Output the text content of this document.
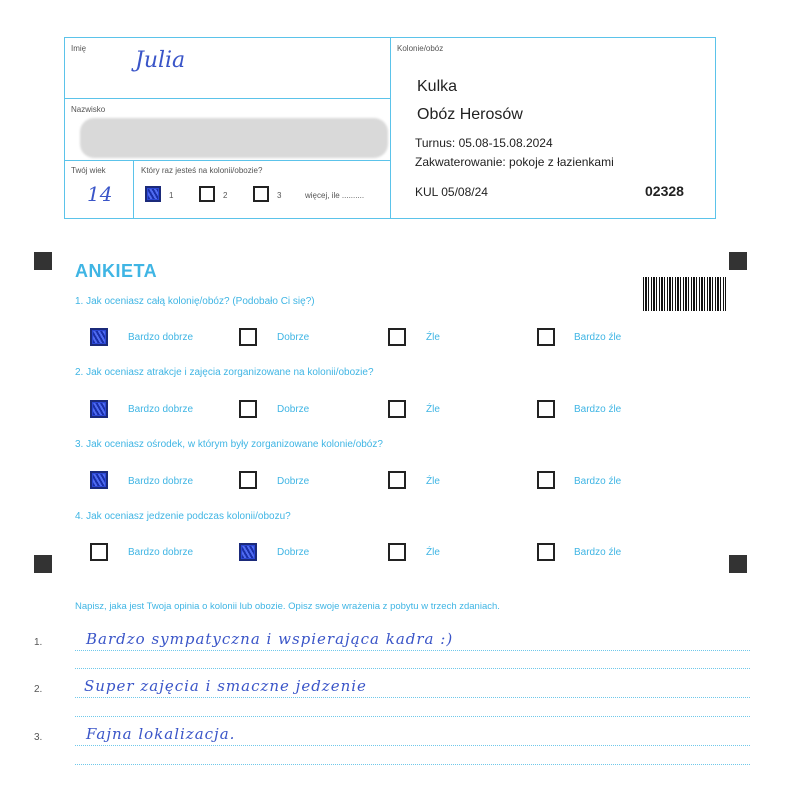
Imię Julia
Nazwisko
Twój wiek
14
Który raz jesteś na kolonii/obozie?
1	2	3	więcej, ile ..........
Kolonie/obóz
Kulka
Obóz Herosów
Turnus: 05.08-15.08.2024
Zakwaterowanie: pokoje z łazienkami
KUL 05/08/24	02328
ANKIETA
1. Jak oceniasz całą kolonię/obóz? (Podobało Ci się?)
Bardzo dobrze	Dobrze	Źle	Bardzo źle
2. Jak oceniasz atrakcje i zajęcia zorganizowane na kolonii/obozie?
Bardzo dobrze	Dobrze	Źle	Bardzo źle
3. Jak oceniasz ośrodek, w którym były zorganizowane kolonie/obóz?
Bardzo dobrze	Dobrze	Źle	Bardzo źle
4. Jak oceniasz jedzenie podczas kolonii/obozu?
Bardzo dobrze	Dobrze	Źle	Bardzo źle
Napisz, jaka jest Twoja opinia o kolonii lub obozie. Opisz swoje wrażenia z pobytu w trzech zdaniach.
1.	Bardzo sympatyczna i wspierająca kadra :)
2.	Super zajęcia i smaczne jedzenie
3.	Fajna lokalizacja.
